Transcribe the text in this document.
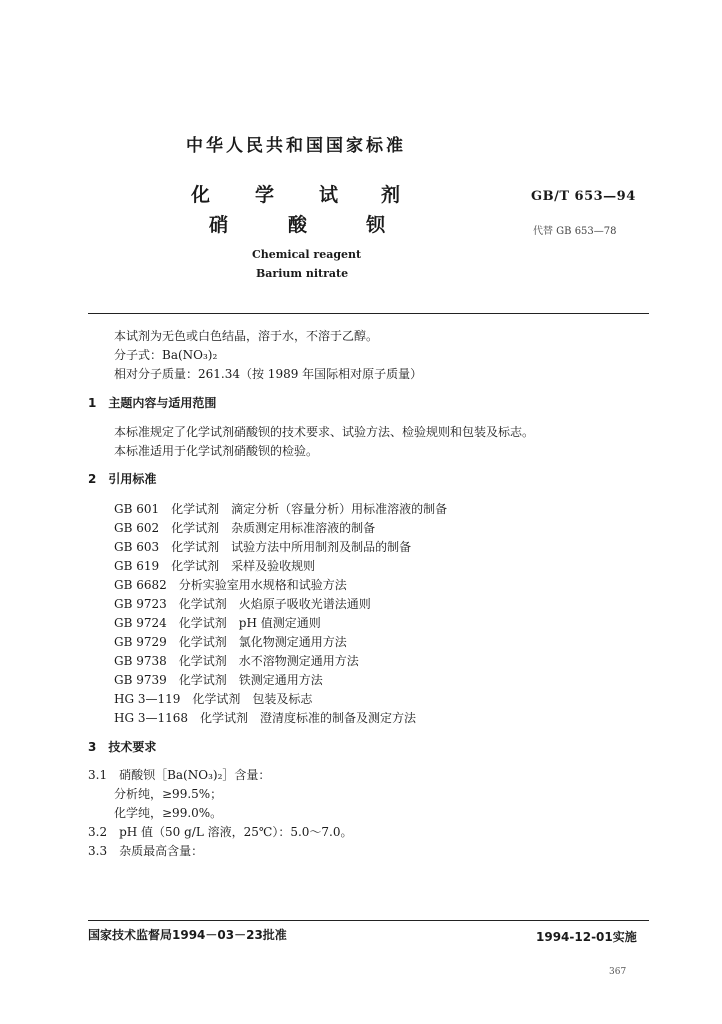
中华人民共和国国家标准
化 学 试 剂
硝	酸	钡
Chemical reagent
Barium nitrate
GB/T 653—94
代替 GB 653—78
本试剂为无色或白色结晶，溶于水，不溶于乙醇。
分子式：Ba(NO₃)₂
相对分子质量：261.34（按 1989 年国际相对原子质量）
1　主题内容与适用范围
本标准规定了化学试剂硝酸钡的技术要求、试验方法、检验规则和包装及标志。
本标准适用于化学试剂硝酸钡的检验。
2　引用标准
GB 601　化学试剂　滴定分析（容量分析）用标准溶液的制备
GB 602　化学试剂　杂质测定用标准溶液的制备
GB 603　化学试剂　试验方法中所用制剂及制品的制备
GB 619　化学试剂　采样及验收规则
GB 6682　分析实验室用水规格和试验方法
GB 9723　化学试剂　火焰原子吸收光谱法通则
GB 9724　化学试剂　pH 值测定通则
GB 9729　化学试剂　氯化物测定通用方法
GB 9738　化学试剂　水不溶物测定通用方法
GB 9739　化学试剂　铁测定通用方法
HG 3—119　化学试剂　包装及标志
HG 3—1168　化学试剂　澄清度标准的制备及测定方法
3　技术要求
3.1　硝酸钡［Ba(NO₃)₂］含量：
分析纯，≥99.5%；
化学纯，≥99.0%。
3.2　pH 值（50 g/L 溶液，25℃）：5.0～7.0。
3.3　杂质最高含量：
国家技术监督局1994－03－23批准	1994-12-01实施
367
